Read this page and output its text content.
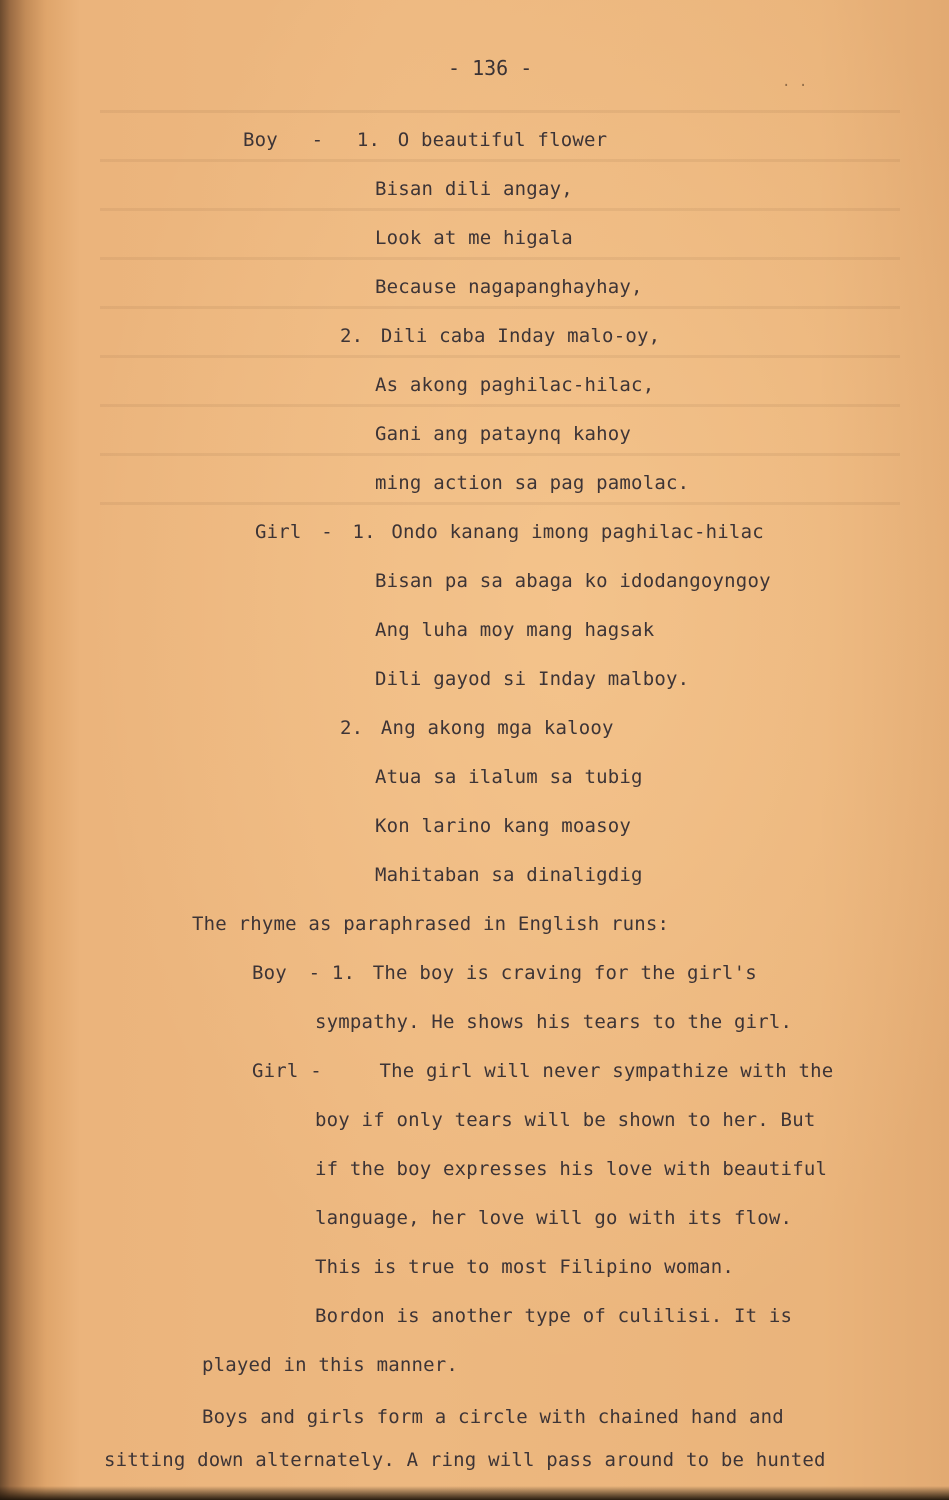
- 136 -
· ·
Boy - 1. O beautiful flower
Bisan dili angay,
Look at me higala
Because nagapanghayhay,
2. Dili caba Inday malo-oy,
As akong paghilac-hilac,
Gani ang pataynq kahoy
ming action sa pag pamolac.
Girl - 1. Ondo kanang imong paghilac-hilac
Bisan pa sa abaga ko idodangoyngoy
Ang luha moy mang hagsak
Dili gayod si Inday malboy.
2. Ang akong mga kalooy
Atua sa ilalum sa tubig
Kon larino kang moasoy
Mahitaban sa dinaligdig
The rhyme as paraphrased in English runs:
Boy - 1. The boy is craving for the girl's
sympathy. He shows his tears to the girl.
Girl -	The girl will never sympathize with the
boy if only tears will be shown to her. But
if the boy expresses his love with beautiful
language, her love will go with its flow.
This is true to most Filipino woman.
Bordon is another type of culilisi. It is
played in this manner.
Boys and girls form a circle with chained hand and
sitting down alternately. A ring will pass around to be hunted
